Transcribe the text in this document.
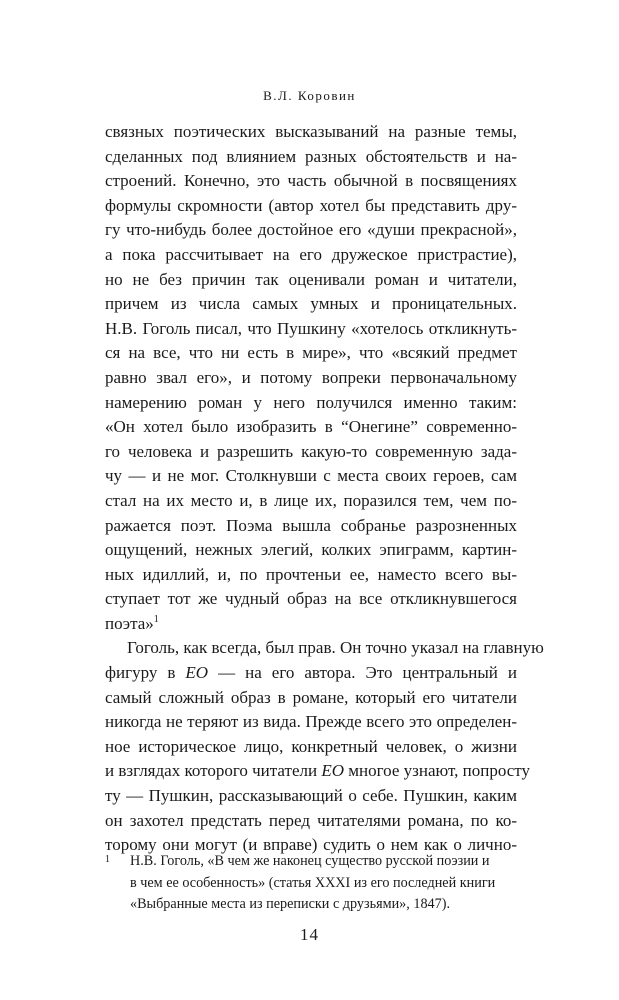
В.Л. Коровин
связных поэтических высказываний на разные темы,
сделанных под влиянием разных обстоятельств и на-
строений. Конечно, это часть обычной в посвящениях
формулы скромности (автор хотел бы представить дру-
гу что-нибудь более достойное его «души прекрасной»,
а пока рассчитывает на его дружеское пристрастие),
но не без причин так оценивали роман и читатели,
причем из числа самых умных и проницательных.
Н.В. Гоголь писал, что Пушкину «хотелось откликнуть-
ся на все, что ни есть в мире», что «всякий предмет
равно звал его», и потому вопреки первоначальному
намерению роман у него получился именно таким:
«Он хотел было изобразить в “Онегине” современно-
го человека и разрешить какую-то современную зада-
чу — и не мог. Столкнувши с места своих героев, сам
стал на их место и, в лице их, поразился тем, чем по-
ражается поэт. Поэма вышла собранье разрозненных
ощущений, нежных элегий, колких эпиграмм, картин-
ных идиллий, и, по прочтеньи ее, наместо всего вы-
ступает тот же чудный образ на все откликнувшегося
поэта»$^1$
Гоголь, как всегда, был прав. Он точно указал на главную
фигуру в ЕО — на его автора. Это центральный и
самый сложный образ в романе, который его читатели
никогда не теряют из вида. Прежде всего это определен-
ное историческое лицо, конкретный человек, о жизни
и взглядах которого читатели ЕО многое узнают, попросту
ту — Пушкин, рассказывающий о себе. Пушкин, каким
он захотел предстать перед читателями романа, по ко-
торому они могут (и вправе) судить о нем как о лично-
1 Н.В. Гоголь, «В чем же наконец существо русской поэзии и
в чем ее особенность» (статья XXXI из его последней книги
«Выбранные места из переписки с друзьями», 1847).
14
